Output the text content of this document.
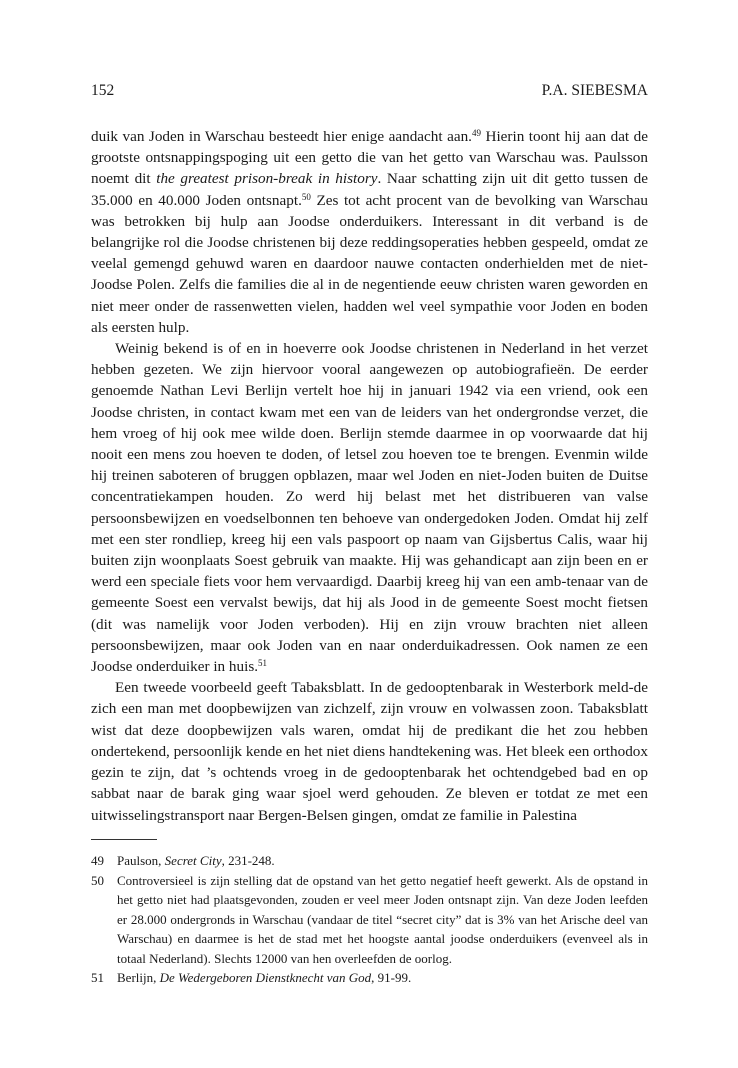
152	P.A. SIEBESMA

duik van Joden in Warschau besteedt hier enige aandacht aan.$^{49}$ Hierin toont hij aan dat de grootste ontsnappingspoging uit een getto die van het getto van Warschau was. Paulsson noemt dit the greatest prison-break in history. Naar schatting zijn uit dit getto tussen de 35.000 en 40.000 Joden ontsnapt.$^{50}$ Zes tot acht procent van de bevolking van Warschau was betrokken bij hulp aan Joodse onderduikers. Interessant in dit verband is de belangrijke rol die Joodse christenen bij deze reddingsoperaties hebben gespeeld, omdat ze veelal gemengd gehuwd waren en daardoor nauwe contacten onderhielden met de niet-Joodse Polen. Zelfs die families die al in de negentiende eeuw christen waren geworden en niet meer onder de rassenwetten vielen, hadden wel veel sympathie voor Joden en boden als eersten hulp.

Weinig bekend is of en in hoeverre ook Joodse christenen in Nederland in het verzet hebben gezeten. We zijn hiervoor vooral aangewezen op autobiografieën. De eerder genoemde Nathan Levi Berlijn vertelt hoe hij in januari 1942 via een vriend, ook een Joodse christen, in contact kwam met een van de leiders van het ondergrondse verzet, die hem vroeg of hij ook mee wilde doen. Berlijn stemde daarmee in op voorwaarde dat hij nooit een mens zou hoeven te doden, of letsel zou hoeven toe te brengen. Evenmin wilde hij treinen saboteren of bruggen opblazen, maar wel Joden en niet-Joden buiten de Duitse concentratiekampen houden. Zo werd hij belast met het distribueren van valse persoonsbewijzen en voedselbonnen ten behoeve van ondergedoken Joden. Omdat hij zelf met een ster rondliep, kreeg hij een vals paspoort op naam van Gijsbertus Calis, waar hij buiten zijn woonplaats Soest gebruik van maakte. Hij was gehandicapt aan zijn been en er werd een speciale fiets voor hem vervaardigd. Daarbij kreeg hij van een amb-tenaar van de gemeente Soest een vervalst bewijs, dat hij als Jood in de gemeente Soest mocht fietsen (dit was namelijk voor Joden verboden). Hij en zijn vrouw brachten niet alleen persoonsbewijzen, maar ook Joden van en naar onderduikadressen. Ook namen ze een Joodse onderduiker in huis.$^{51}$

Een tweede voorbeeld geeft Tabaksblatt. In de gedooptenbarak in Westerbork meld-de zich een man met doopbewijzen van zichzelf, zijn vrouw en volwassen zoon. Tabaksblatt wist dat deze doopbewijzen vals waren, omdat hij de predikant die het zou hebben ondertekend, persoonlijk kende en het niet diens handtekening was. Het bleek een orthodox gezin te zijn, dat ’s ochtends vroeg in de gedooptenbarak het ochtendgebed bad en op sabbat naar de barak ging waar sjoel werd gehouden. Ze bleven er totdat ze met een uitwisselingstransport naar Bergen-Belsen gingen, omdat ze familie in Palestina

49 Paulson, Secret City, 231-248.

50 Controversieel is zijn stelling dat de opstand van het getto negatief heeft gewerkt. Als de opstand in het getto niet had plaatsgevonden, zouden er veel meer Joden ontsnapt zijn. Van deze Joden leefden er 28.000 ondergronds in Warschau (vandaar de titel “secret city” dat is 3% van het Arische deel van Warschau) en daarmee is het de stad met het hoogste aantal joodse onderduikers (evenveel als in totaal Nederland). Slechts 12000 van hen overleefden de oorlog.

51 Berlijn, De Wedergeboren Dienstknecht van God, 91-99.
